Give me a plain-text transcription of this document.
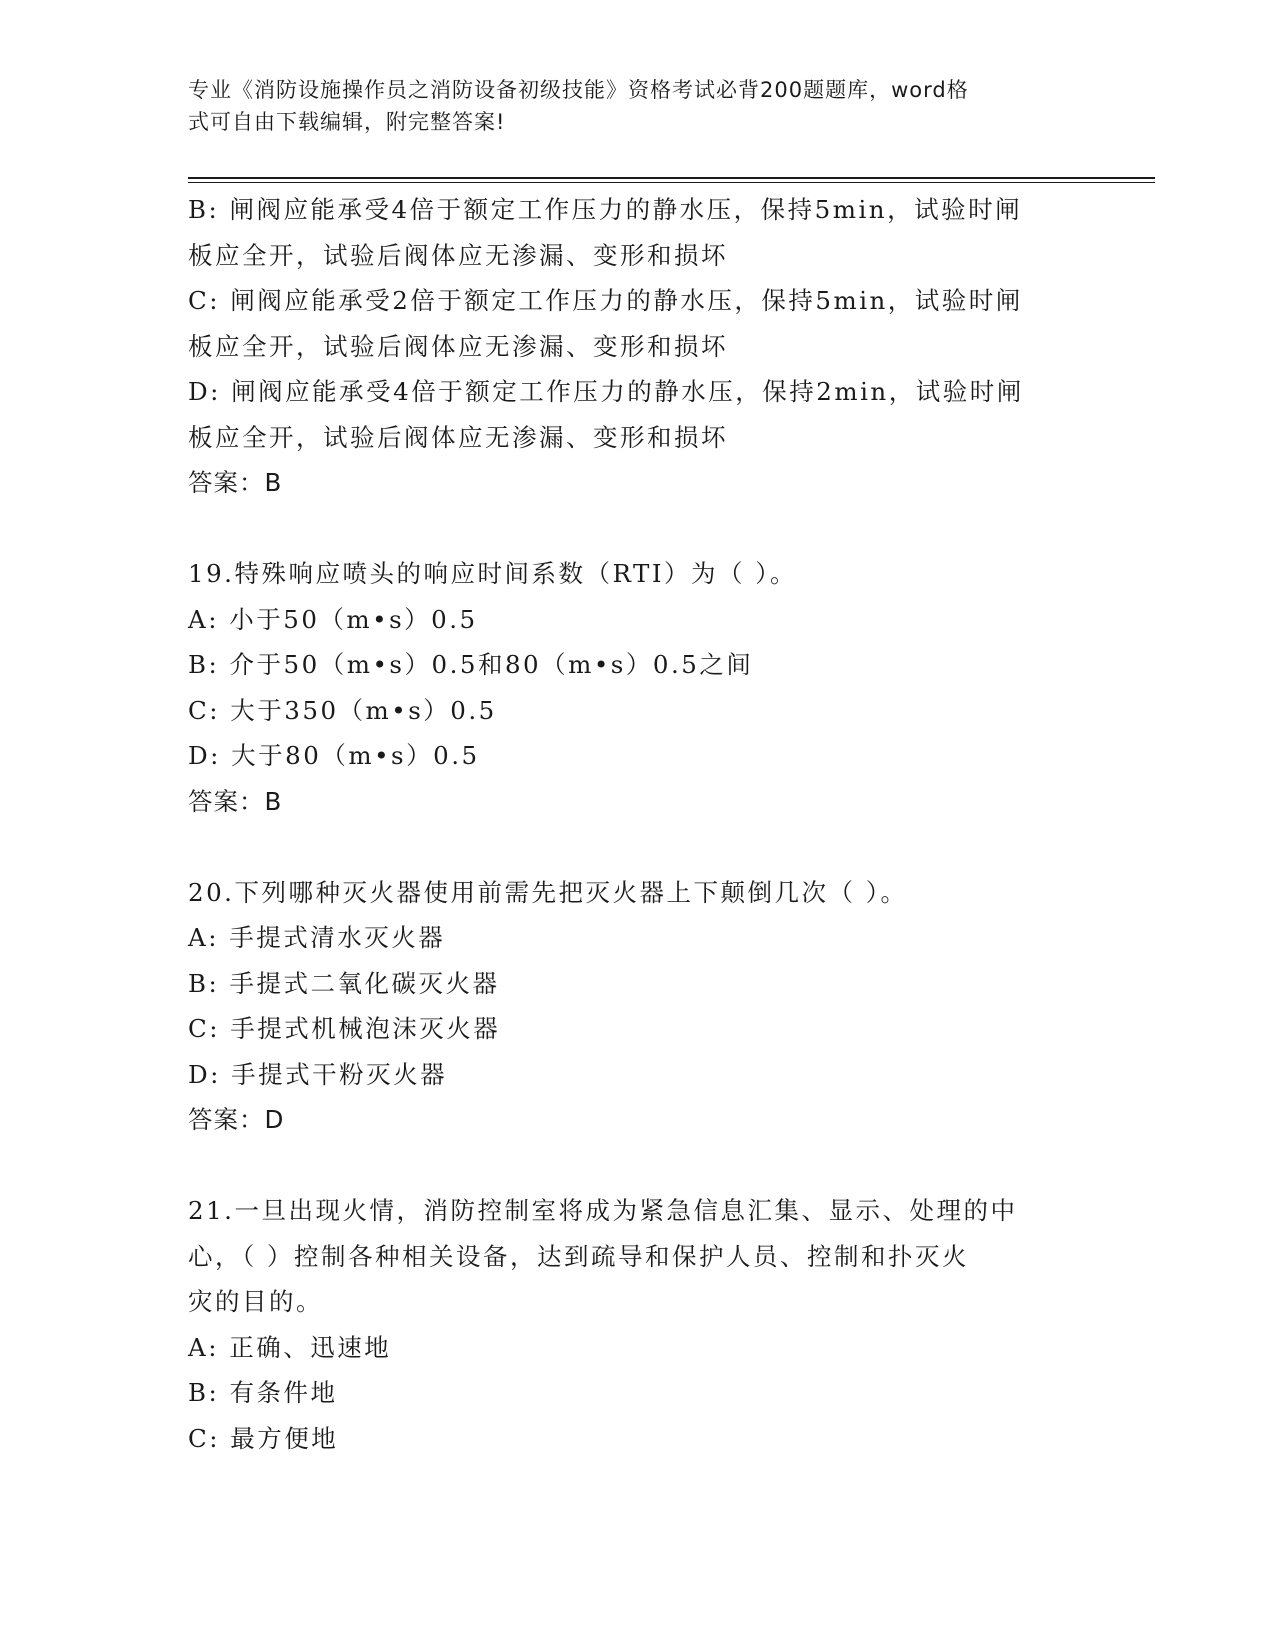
专业《消防设施操作员之消防设备初级技能》资格考试必背200题题库，word格
式可自由下载编辑，附完整答案!
B: 闸阀应能承受4倍于额定工作压力的静水压，保持5min，试验时闸
板应全开，试验后阀体应无渗漏、变形和损坏
C: 闸阀应能承受2倍于额定工作压力的静水压，保持5min，试验时闸
板应全开，试验后阀体应无渗漏、变形和损坏
D: 闸阀应能承受4倍于额定工作压力的静水压，保持2min，试验时闸
板应全开，试验后阀体应无渗漏、变形和损坏
答案：B
19.特殊响应喷头的响应时间系数（RTI）为（ ）。
A: 小于50（m•s）0.5
B: 介于50（m•s）0.5和80（m•s）0.5之间
C: 大于350（m•s）0.5
D: 大于80（m•s）0.5
答案：B
20.下列哪种灭火器使用前需先把灭火器上下颠倒几次（ ）。
A: 手提式清水灭火器
B: 手提式二氧化碳灭火器
C: 手提式机械泡沫灭火器
D: 手提式干粉灭火器
答案：D
21.一旦出现火情，消防控制室将成为紧急信息汇集、显示、处理的中
心，（ ）控制各种相关设备，达到疏导和保护人员、控制和扑灭火
灾的目的。
A: 正确、迅速地
B: 有条件地
C: 最方便地
